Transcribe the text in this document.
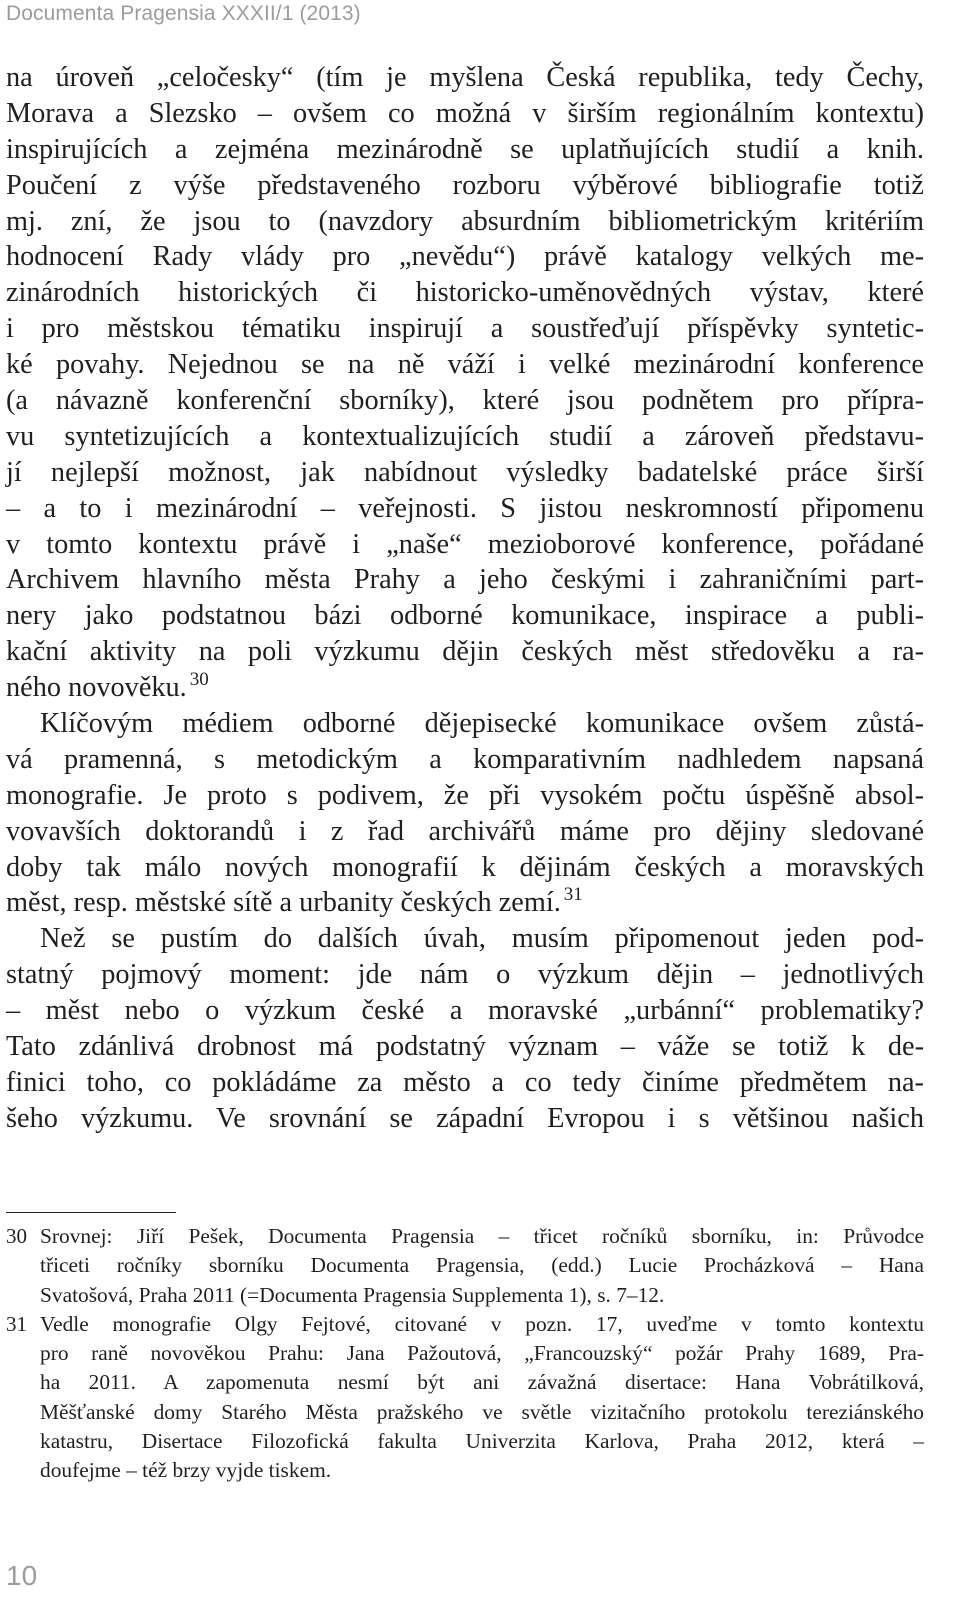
Documenta Pragensia XXXII/1 (2013)
na úroveň „celočesky“ (tím je myšlena Česká republika, tedy Čechy,
Morava a Slezsko – ovšem co možná v širším regionálním kontextu)
inspirujících a zejména mezinárodně se uplatňujících studií a knih.
Poučení z výše představeného rozboru výběrové bibliografie totiž
mj. zní, že jsou to (navzdory absurdním bibliometrickým kritériím
hodnocení Rady vlády pro „nevědu“) právě katalogy velkých me-
zinárodních historických či historicko-uměnovědných výstav, které
i pro městskou tématiku inspirují a soustřeďují příspěvky syntetic-
ké povahy. Nejednou se na ně váží i velké mezinárodní konference
(a návazně konferenční sborníky), které jsou podnětem pro přípra-
vu syntetizujících a kontextualizujících studií a zároveň představu-
jí nejlepší možnost, jak nabídnout výsledky badatelské práce širší
– a to i mezinárodní – veřejnosti. S jistou neskromností připomenu
v tomto kontextu právě i „naše“ mezioborové konference, pořádané
Archivem hlavního města Prahy a jeho českými i zahraničními part-
nery jako podstatnou bázi odborné komunikace, inspirace a publi-
kační aktivity na poli výzkumu dějin českých měst středověku a ra-
ného novověku. $^{30}$
Klíčovým médiem odborné dějepisecké komunikace ovšem zůstá-
vá pramenná, s metodickým a komparativním nadhledem napsaná
monografie. Je proto s podivem, že při vysokém počtu úspěšně absol-
vovavších doktorandů i z řad archivářů máme pro dějiny sledované
doby tak málo nových monografií k dějinám českých a moravských
měst, resp. městské sítě a urbanity českých zemí. $^{31}$
Než se pustím do dalších úvah, musím připomenout jeden pod-
statný pojmový moment: jde nám o výzkum dějin – jednotlivých
– měst nebo o výzkum české a moravské „urbánní“ problematiky?
Tato zdánlivá drobnost má podstatný význam – váže se totiž k de-
finici toho, co pokládáme za město a co tedy činíme předmětem na-
šeho výzkumu. Ve srovnání se západní Evropou i s většinou našich
30 Srovnej: Jiří Pešek, Documenta Pragensia – třicet ročníků sborníku, in: Průvodce
třiceti ročníky sborníku Documenta Pragensia, (edd.) Lucie Procházková – Hana
Svatošová, Praha 2011 (=Documenta Pragensia Supplementa 1), s. 7–12.
31 Vedle monografie Olgy Fejtové, citované v pozn. 17, uveďme v tomto kontextu
pro raně novověkou Prahu: Jana Pažoutová, „Francouzský“ požár Prahy 1689, Pra-
ha 2011. A zapomenuta nesmí být ani závažná disertace: Hana Vobrátilková,
Měšťanské domy Starého Města pražského ve světle vizitačního protokolu tereziánského
katastru, Disertace Filozofická fakulta Univerzita Karlova, Praha 2012, která –
doufejme – též brzy vyjde tiskem.
10
